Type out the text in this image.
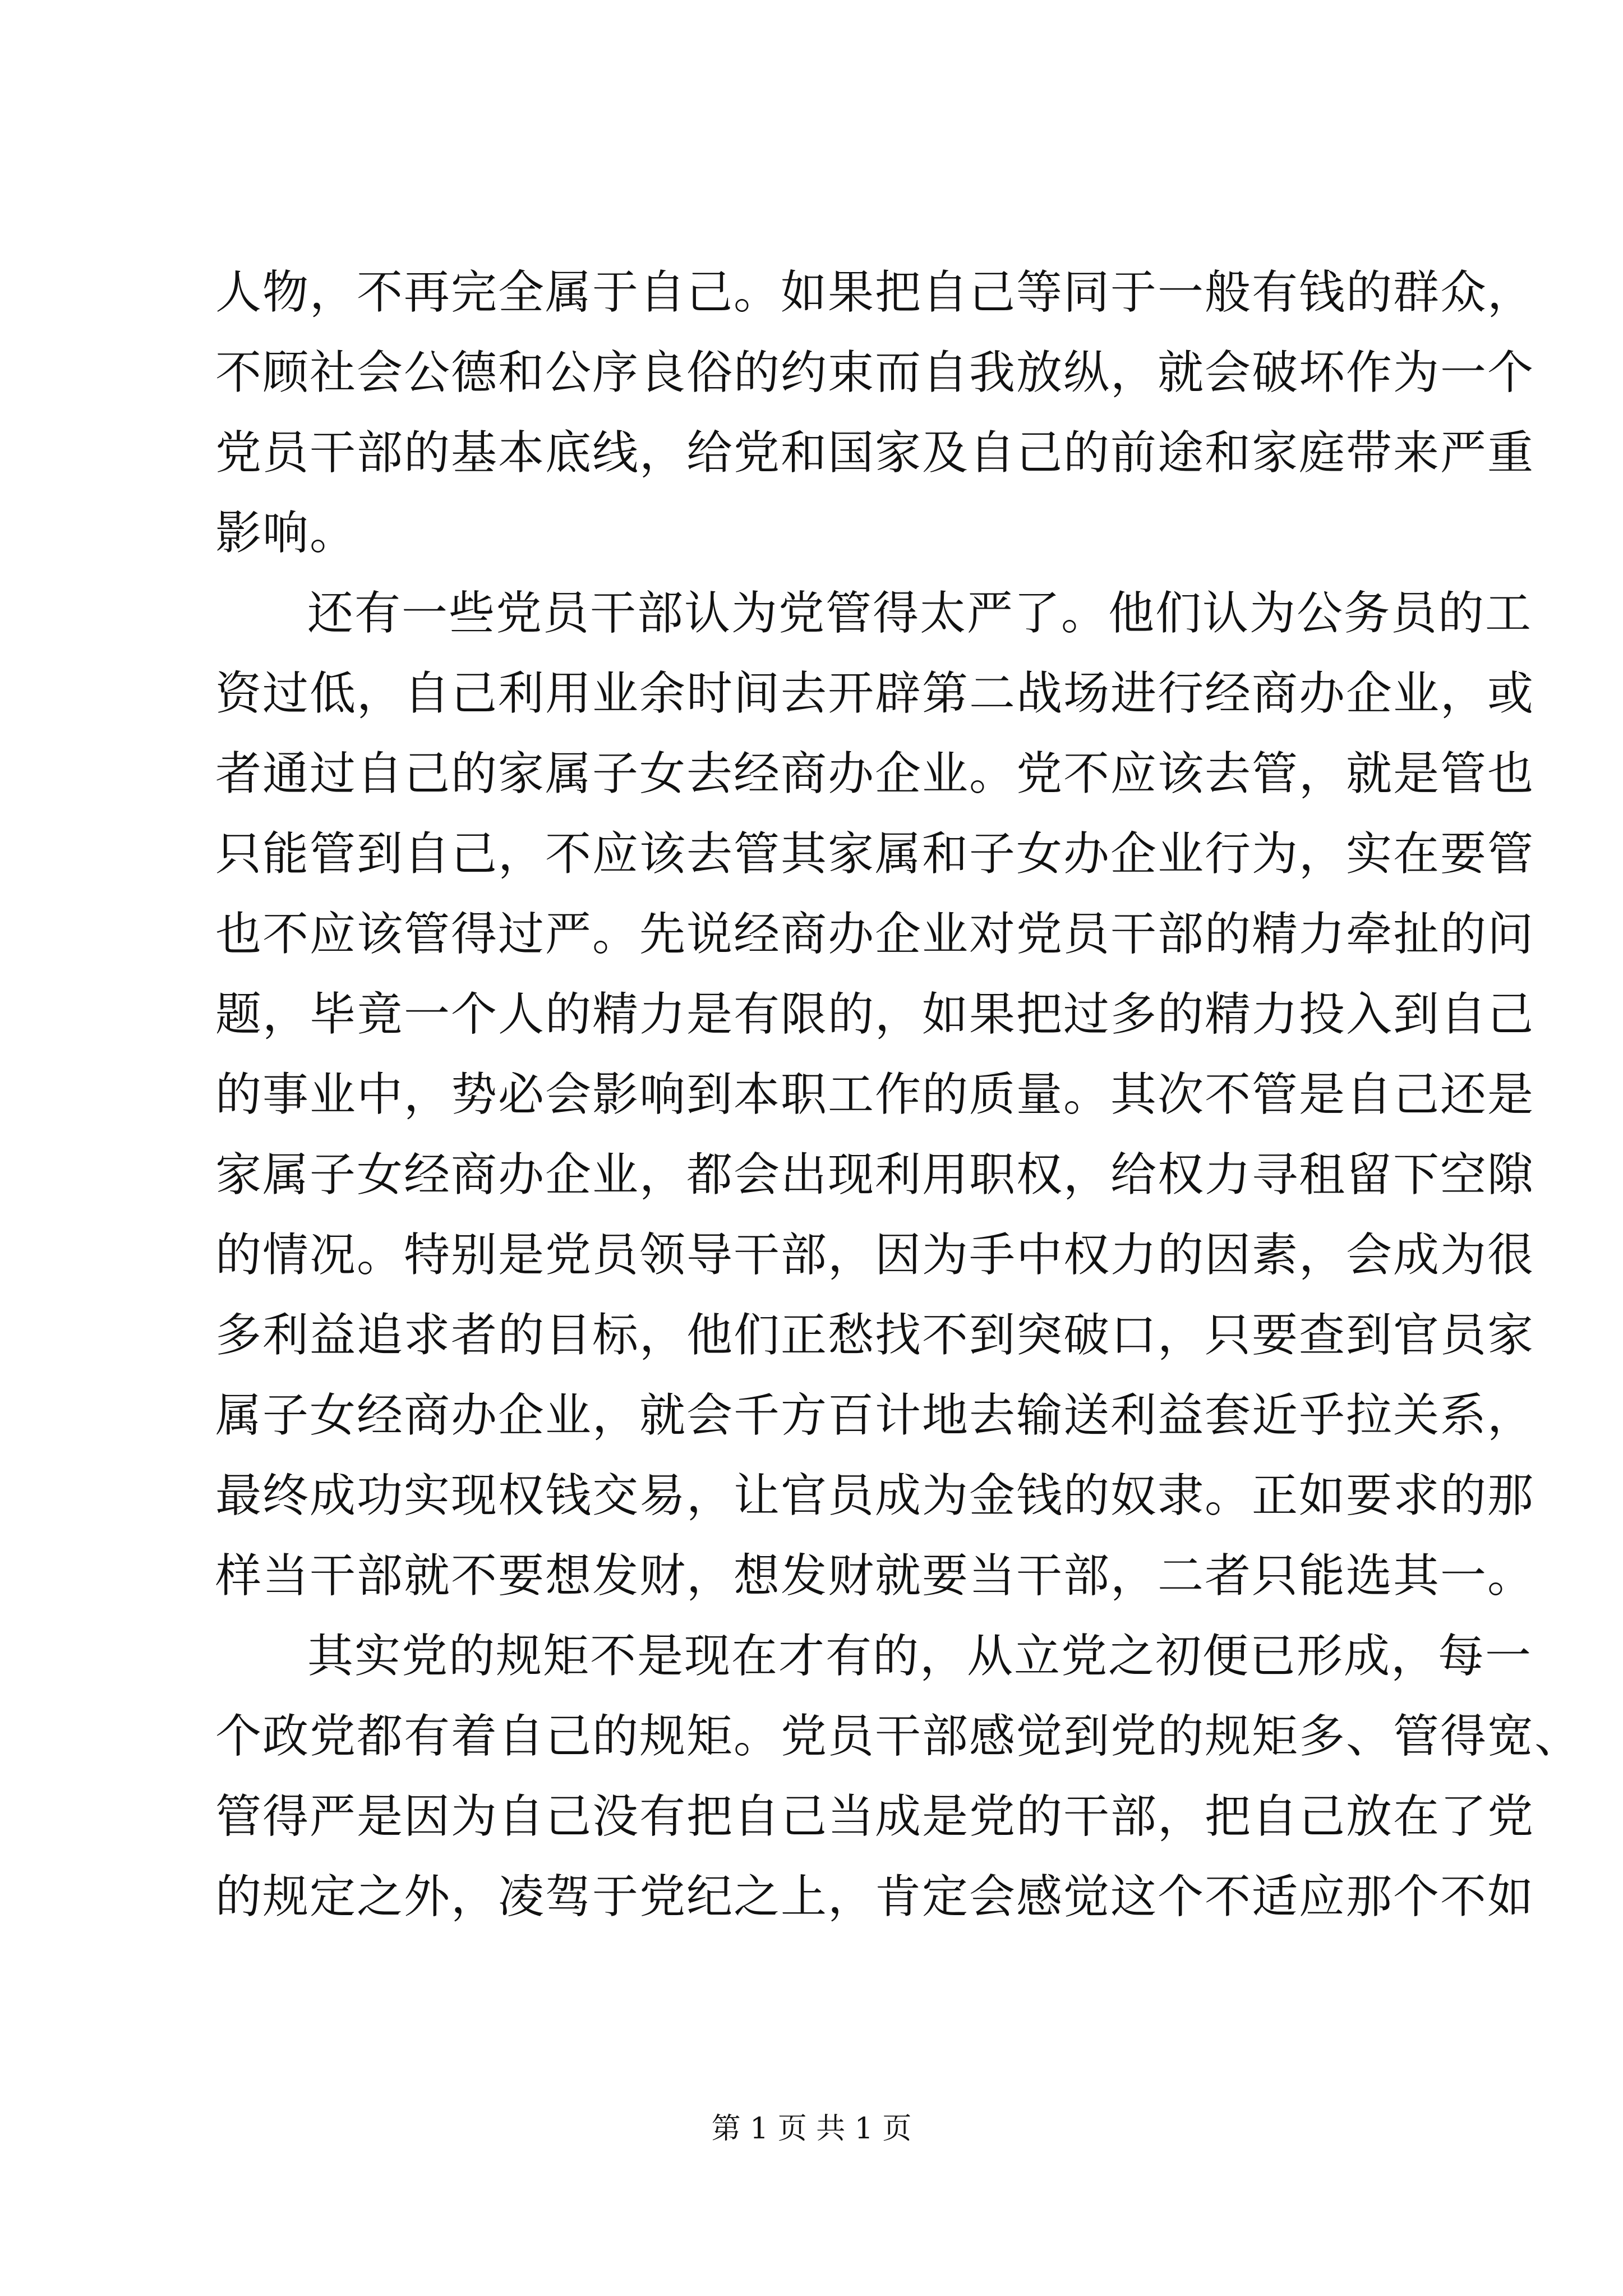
人物，不再完全属于自己。如果把自己等同于一般有钱的群众，
不顾社会公德和公序良俗的约束而自我放纵，就会破坏作为一个
党员干部的基本底线，给党和国家及自己的前途和家庭带来严重
影响。
还有一些党员干部认为党管得太严了。他们认为公务员的工
资过低，自己利用业余时间去开辟第二战场进行经商办企业，或
者通过自己的家属子女去经商办企业。党不应该去管，就是管也
只能管到自己，不应该去管其家属和子女办企业行为，实在要管
也不应该管得过严。先说经商办企业对党员干部的精力牵扯的问
题，毕竟一个人的精力是有限的，如果把过多的精力投入到自己
的事业中，势必会影响到本职工作的质量。其次不管是自己还是
家属子女经商办企业，都会出现利用职权，给权力寻租留下空隙
的情况。特别是党员领导干部，因为手中权力的因素，会成为很
多利益追求者的目标，他们正愁找不到突破口，只要查到官员家
属子女经商办企业，就会千方百计地去输送利益套近乎拉关系，
最终成功实现权钱交易，让官员成为金钱的奴隶。正如要求的那
样当干部就不要想发财，想发财就要当干部，二者只能选其一。
其实党的规矩不是现在才有的，从立党之初便已形成，每一
个政党都有着自己的规矩。党员干部感觉到党的规矩多、管得宽、
管得严是因为自己没有把自己当成是党的干部，把自己放在了党
的规定之外，凌驾于党纪之上，肯定会感觉这个不适应那个不如
第 1 页 共 1 页
